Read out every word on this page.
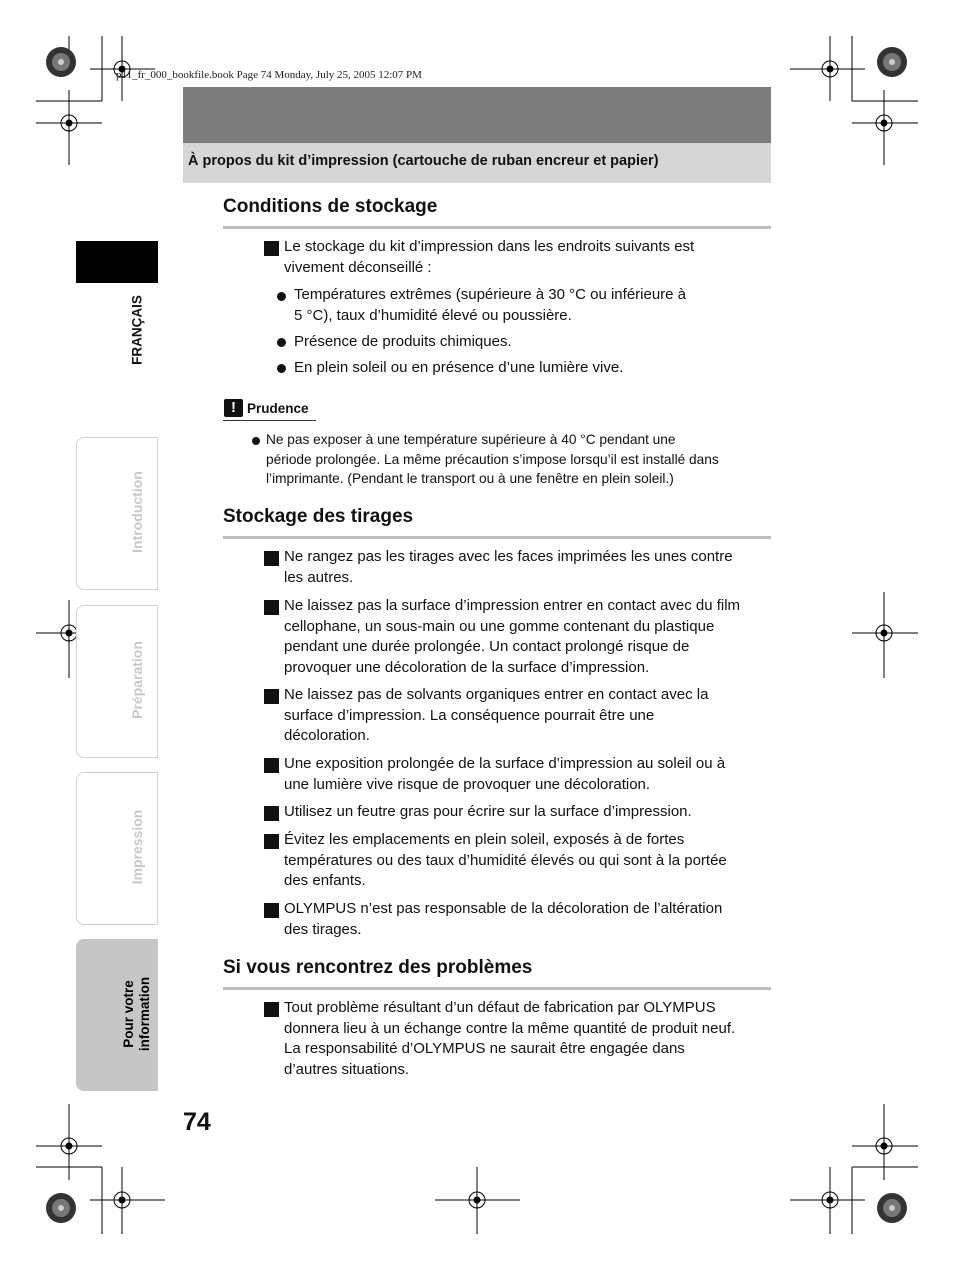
p11_fr_000_bookfile.book Page 74 Monday, July 25, 2005 12:07 PM
À propos du kit d’impression (cartouche de ruban encreur et papier)
Conditions de stockage
Le stockage du kit d’impression dans les endroits suivants est
vivement déconseillé :
Températures extrêmes (supérieure à 30 °C ou inférieure à
5 °C), taux d’humidité élevé ou poussière.
Présence de produits chimiques.
En plein soleil ou en présence d’une lumière vive.
! Prudence
Ne pas exposer à une température supérieure à 40 °C pendant une
période prolongée. La même précaution s’impose lorsqu’il est installé dans
l’imprimante. (Pendant le transport ou à une fenêtre en plein soleil.)
Stockage des tirages
Ne rangez pas les tirages avec les faces imprimées les unes contre
les autres.
Ne laissez pas la surface d’impression entrer en contact avec du film
cellophane, un sous-main ou une gomme contenant du plastique
pendant une durée prolongée. Un contact prolongé risque de
provoquer une décoloration de la surface d’impression.
Ne laissez pas de solvants organiques entrer en contact avec la
surface d’impression. La conséquence pourrait être une
décoloration.
Une exposition prolongée de la surface d’impression au soleil ou à
une lumière vive risque de provoquer une décoloration.
Utilisez un feutre gras pour écrire sur la surface d’impression.
Évitez les emplacements en plein soleil, exposés à de fortes
températures ou des taux d’humidité élevés ou qui sont à la portée
des enfants.
OLYMPUS n’est pas responsable de la décoloration de l’altération
des tirages.
Si vous rencontrez des problèmes
Tout problème résultant d’un défaut de fabrication par OLYMPUS
donnera lieu à un échange contre la même quantité de produit neuf.
La responsabilité d’OLYMPUS ne saurait être engagée dans
d’autres situations.
74
FRANÇAIS
Introduction
Préparation
Impression
Pour votre information
